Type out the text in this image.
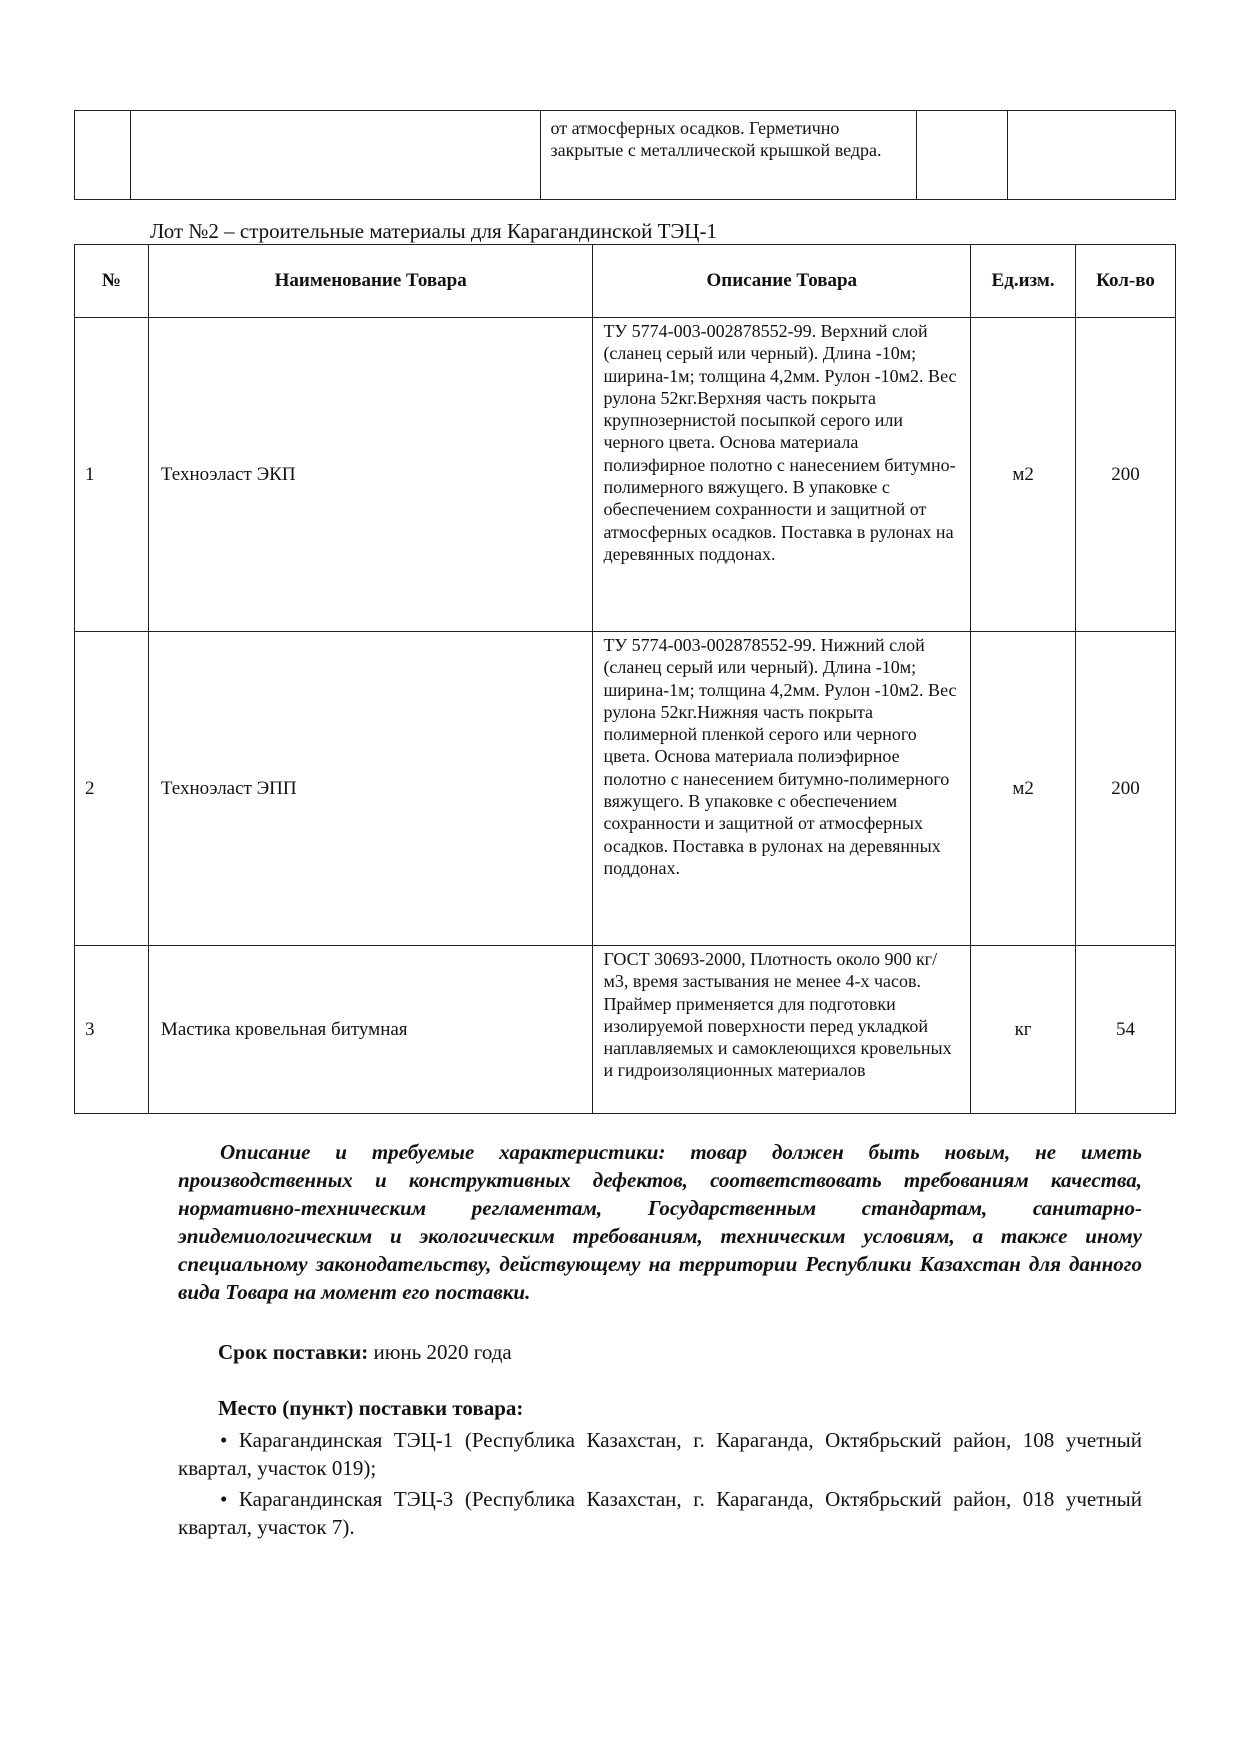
		от атмосферных осадков. Герметично закрытые с металлической крышкой ведра.		
Лот №2 – строительные материалы для Карагандинской ТЭЦ-1
№	Наименование Товара	Описание Товара	Ед.изм.	Кол-во
1	Техноэласт ЭКП	ТУ 5774-003-002878552-99. Верхний слой (сланец серый или черный). Длина -10м; ширина-1м; толщина 4,2мм. Рулон -10м2. Вес рулона 52кг.Верхняя часть покрыта крупнозернистой посыпкой серого или черного цвета. Основа материала полиэфирное полотно с нанесением битумно-полимерного вяжущего. В упаковке с обеспечением сохранности и защитной от атмосферных осадков. Поставка в рулонах на деревянных поддонах.	м2	200
2	Техноэласт ЭПП	ТУ 5774-003-002878552-99. Нижний слой (сланец серый или черный). Длина -10м; ширина-1м; толщина 4,2мм. Рулон -10м2. Вес рулона 52кг.Нижняя часть покрыта полимерной пленкой серого или черного цвета. Основа материала полиэфирное полотно с нанесением битумно-полимерного вяжущего. В упаковке с обеспечением сохранности и защитной от атмосферных осадков. Поставка в рулонах на деревянных поддонах.	м2	200
3	Мастика кровельная битумная	ГОСТ 30693-2000, Плотность около 900 кг/м3, время застывания не менее 4-х часов. Праймер применяется для подготовки изолируемой поверхности перед укладкой наплавляемых и самоклеющихся кровельных и гидроизоляционных материалов	кг	54
Описание и требуемые характеристики: товар должен быть новым, не иметь производственных и конструктивных дефектов, соответствовать требованиям качества, нормативно-техническим регламентам, Государственным стандартам, санитарно-эпидемиологическим и экологическим требованиям, техническим условиям, а также иному специальному законодательству, действующему на территории Республики Казахстан для данного вида Товара на момент его поставки.
Срок поставки: июнь 2020 года
Место (пункт) поставки товара:
• Карагандинская ТЭЦ-1 (Республика Казахстан, г. Караганда, Октябрьский район, 108 учетный квартал, участок 019);
• Карагандинская ТЭЦ-3 (Республика Казахстан, г. Караганда, Октябрьский район, 018 учетный квартал, участок 7).
